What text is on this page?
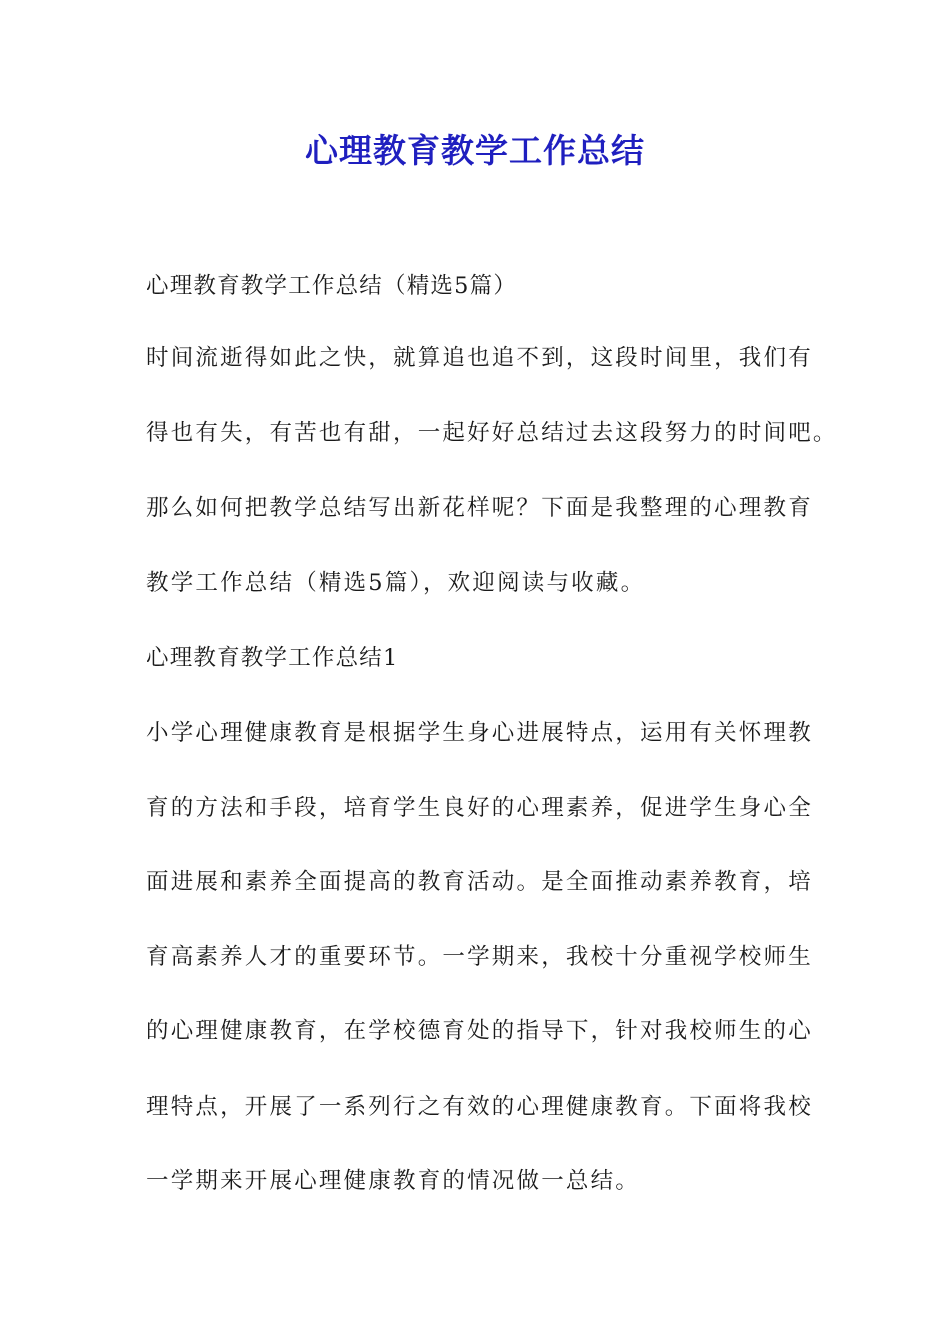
心理教育教学工作总结

心理教育教学工作总结（精选5篇）

时间流逝得如此之快，就算追也追不到，这段时间里，我们有

得也有失，有苦也有甜，一起好好总结过去这段努力的时间吧。

那么如何把教学总结写出新花样呢？下面是我整理的心理教育

教学工作总结（精选5篇），欢迎阅读与收藏。

心理教育教学工作总结1

小学心理健康教育是根据学生身心进展特点，运用有关怀理教

育的方法和手段，培育学生良好的心理素养，促进学生身心全

面进展和素养全面提高的教育活动。是全面推动素养教育，培

育高素养人才的重要环节。一学期来，我校十分重视学校师生

的心理健康教育，在学校德育处的指导下，针对我校师生的心

理特点，开展了一系列行之有效的心理健康教育。下面将我校

一学期来开展心理健康教育的情况做一总结。
